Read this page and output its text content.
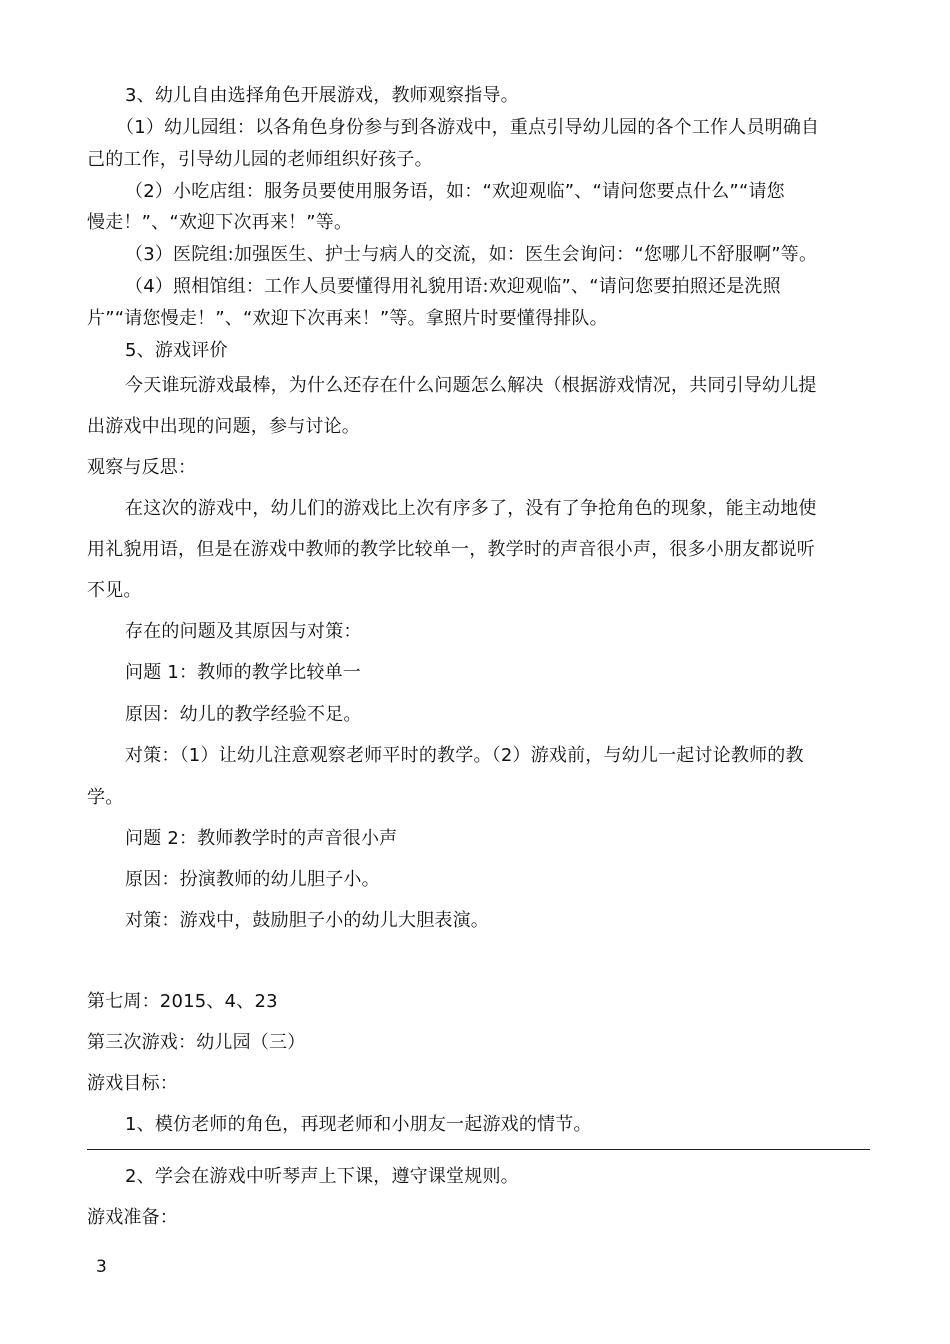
3、幼儿自由选择角色开展游戏，教师观察指导。
（1）幼儿园组：以各角色身份参与到各游戏中，重点引导幼儿园的各个工作人员明确自
己的工作，引导幼儿园的老师组织好孩子。
（2）小吃店组：服务员要使用服务语，如：“欢迎观临”、“请问您要点什么”“请您
慢走！”、“欢迎下次再来！”等。
（3）医院组:加强医生、护士与病人的交流，如：医生会询问：“您哪儿不舒服啊”等。
（4）照相馆组：工作人员要懂得用礼貌用语:欢迎观临”、“请问您要拍照还是洗照
片”“请您慢走！”、“欢迎下次再来！”等。拿照片时要懂得排队。
5、游戏评价
今天谁玩游戏最棒，为什么还存在什么问题怎么解决（根据游戏情况，共同引导幼儿提
出游戏中出现的问题，参与讨论。
观察与反思：
在这次的游戏中，幼儿们的游戏比上次有序多了，没有了争抢角色的现象，能主动地使
用礼貌用语，但是在游戏中教师的教学比较单一，教学时的声音很小声，很多小朋友都说听
不见。
存在的问题及其原因与对策：
问题 1：教师的教学比较单一
原因：幼儿的教学经验不足。
对策：（1）让幼儿注意观察老师平时的教学。（2）游戏前，与幼儿一起讨论教师的教
学。
问题 2：教师教学时的声音很小声
原因：扮演教师的幼儿胆子小。
对策：游戏中，鼓励胆子小的幼儿大胆表演。
第七周：2015、4、23
第三次游戏：幼儿园（三）
游戏目标：
1、模仿老师的角色，再现老师和小朋友一起游戏的情节。
2、学会在游戏中听琴声上下课，遵守课堂规则。
游戏准备：
3
